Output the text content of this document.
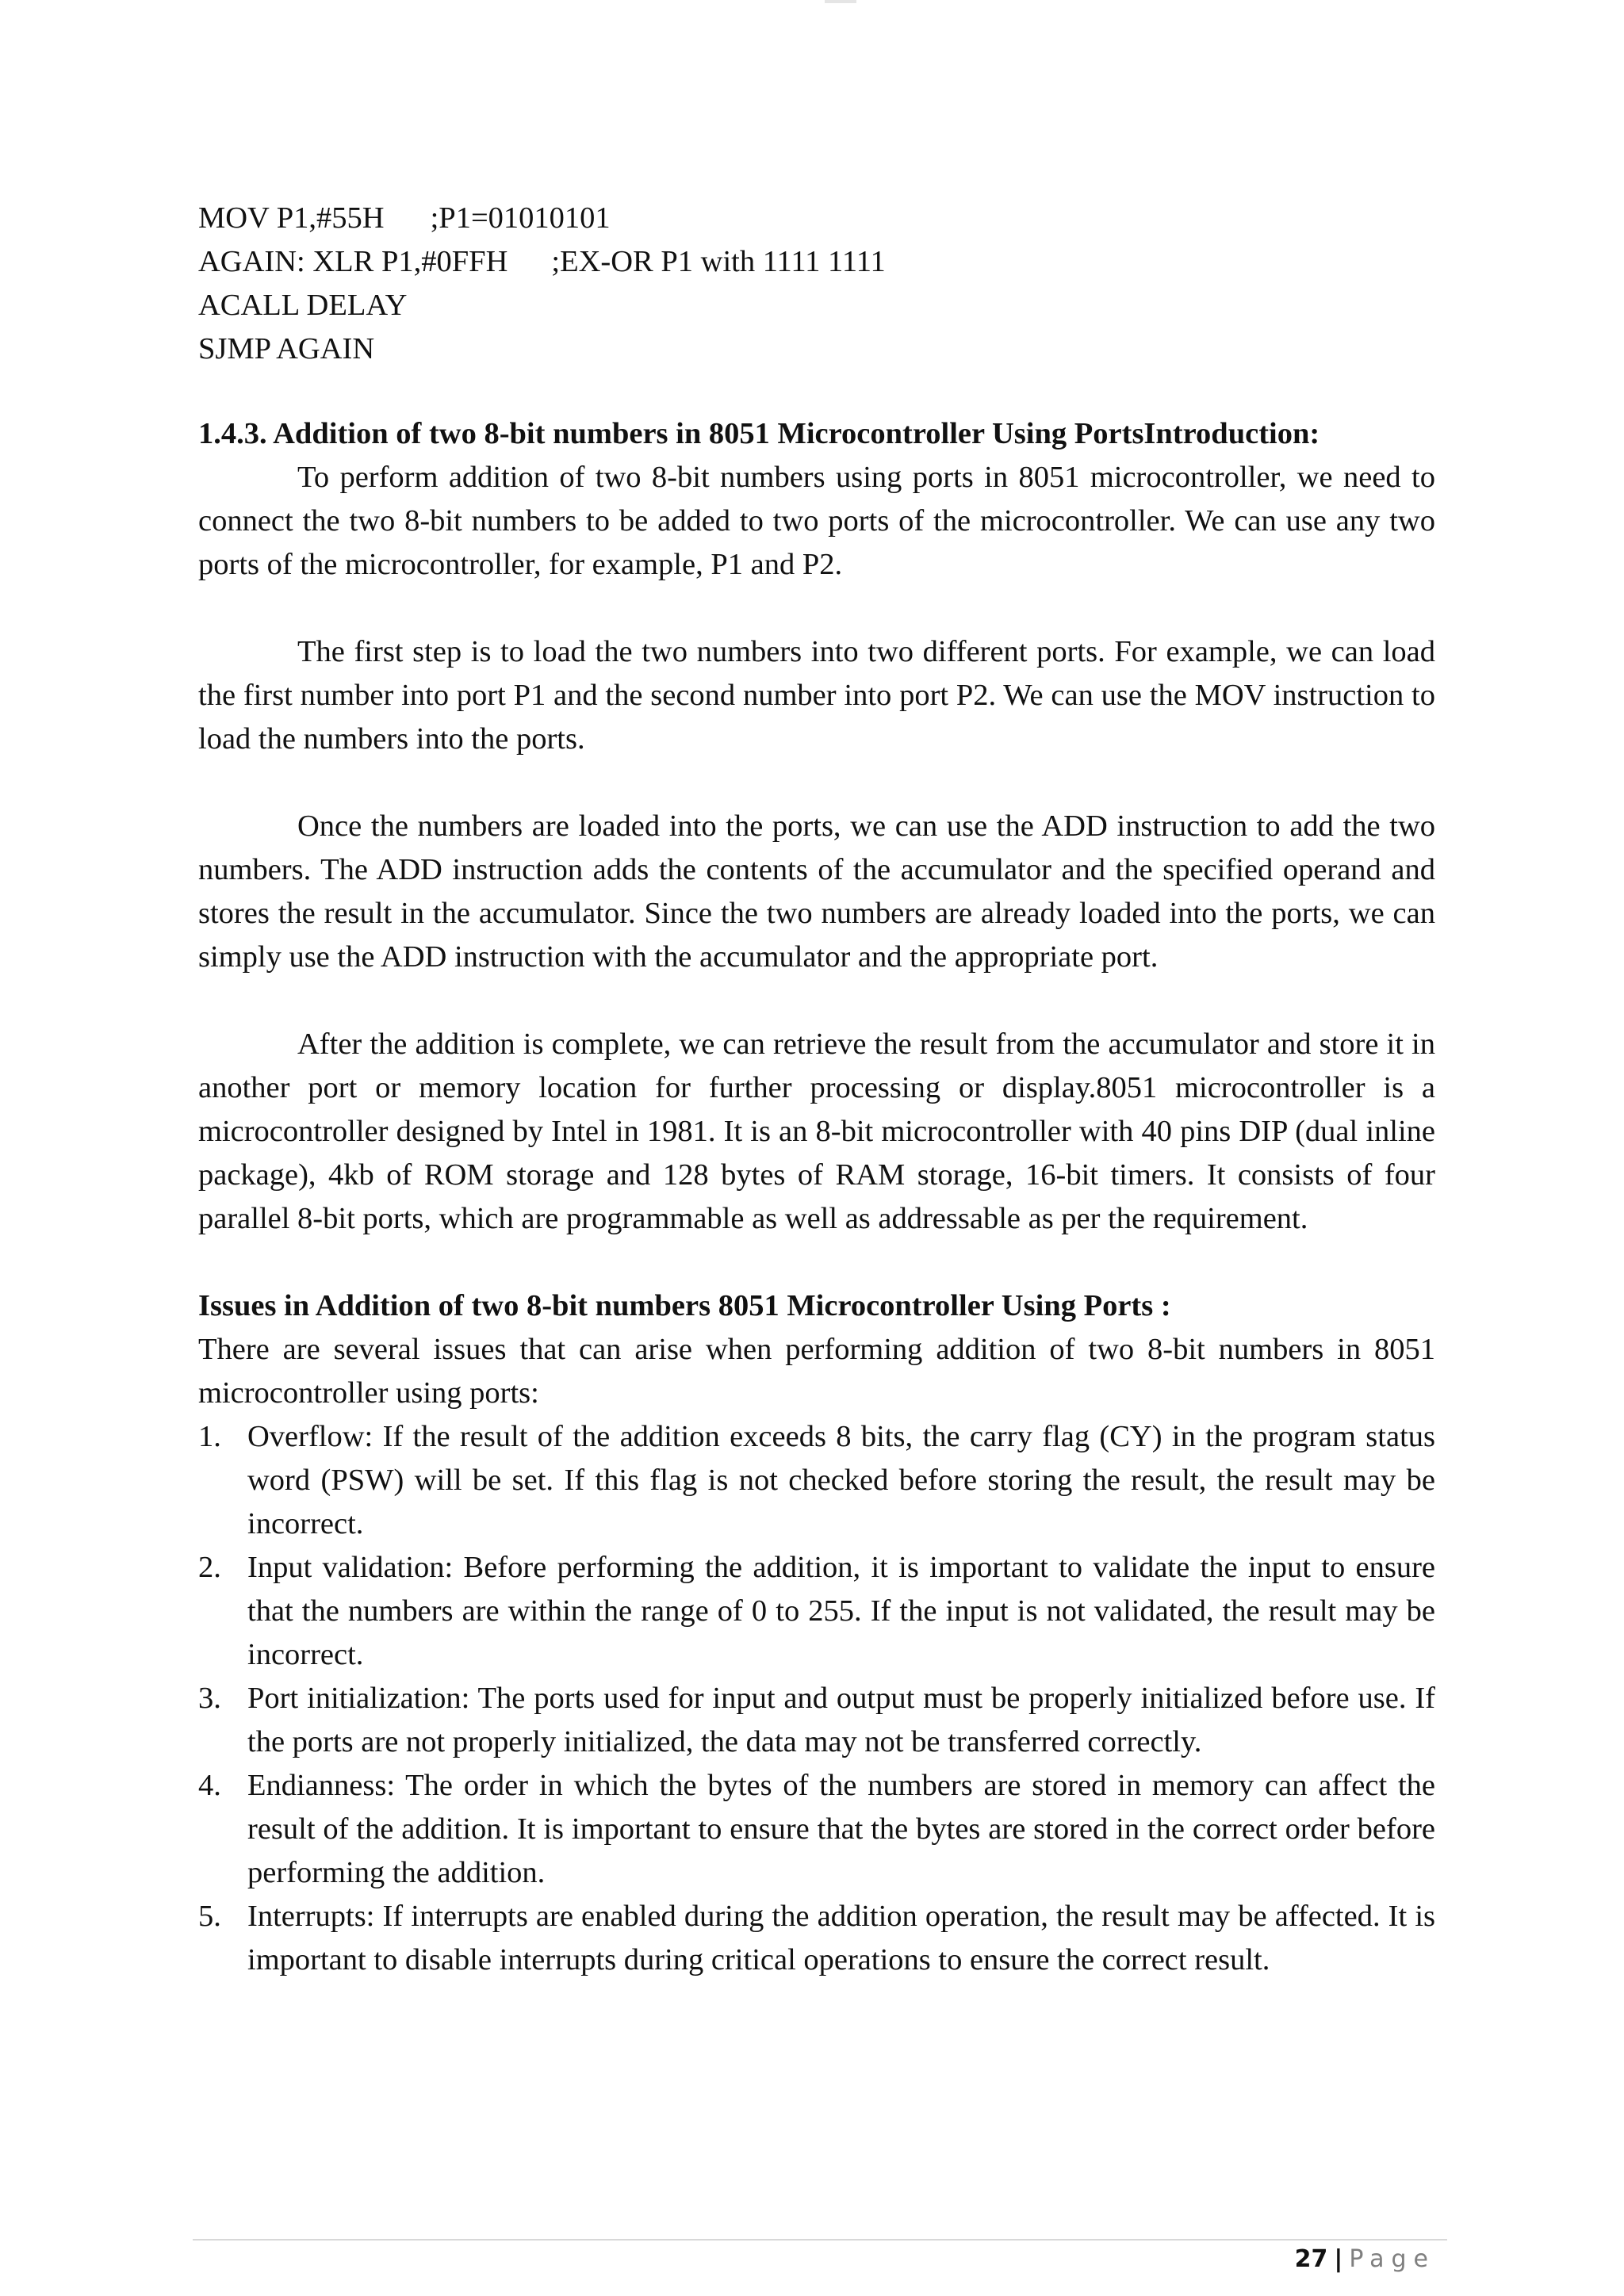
MOV P1,#55H ;P1=01010101
AGAIN: XLR P1,#0FFH ;EX-OR P1 with 1111 1111
ACALL DELAY
SJMP AGAIN
1.4.3. Addition of two 8-bit numbers in 8051 Microcontroller Using PortsIntroduction:

To perform addition of two 8-bit numbers using ports in 8051 microcontroller, we need to connect the two 8-bit numbers to be added to two ports of the microcontroller. We can use any two ports of the microcontroller, for example, P1 and P2.

The first step is to load the two numbers into two different ports. For example, we can load the first number into port P1 and the second number into port P2. We can use the MOV instruction to load the numbers into the ports.

Once the numbers are loaded into the ports, we can use the ADD instruction to add the two numbers. The ADD instruction adds the contents of the accumulator and the specified operand and stores the result in the accumulator. Since the two numbers are already loaded into the ports, we can simply use the ADD instruction with the accumulator and the appropriate port.

After the addition is complete, we can retrieve the result from the accumulator and store it in another port or memory location for further processing or display.8051 microcontroller is a microcontroller designed by Intel in 1981. It is an 8-bit microcontroller with 40 pins DIP (dual inline package), 4kb of ROM storage and 128 bytes of RAM storage, 16-bit timers. It consists of four parallel 8-bit ports, which are programmable as well as addressable as per the requirement.

Issues in Addition of two 8-bit numbers 8051 Microcontroller Using Ports :

There are several issues that can arise when performing addition of two 8-bit numbers in 8051 microcontroller using ports:

1. Overflow: If the result of the addition exceeds 8 bits, the carry flag (CY) in the program status word (PSW) will be set. If this flag is not checked before storing the result, the result may be incorrect.
2. Input validation: Before performing the addition, it is important to validate the input to ensure that the numbers are within the range of 0 to 255. If the input is not validated, the result may be incorrect.
3. Port initialization: The ports used for input and output must be properly initialized before use. If the ports are not properly initialized, the data may not be transferred correctly.
4. Endianness: The order in which the bytes of the numbers are stored in memory can affect the result of the addition. It is important to ensure that the bytes are stored in the correct order before performing the addition.
5. Interrupts: If interrupts are enabled during the addition operation, the result may be affected. It is important to disable interrupts during critical operations to ensure the correct result.
27 | Page
